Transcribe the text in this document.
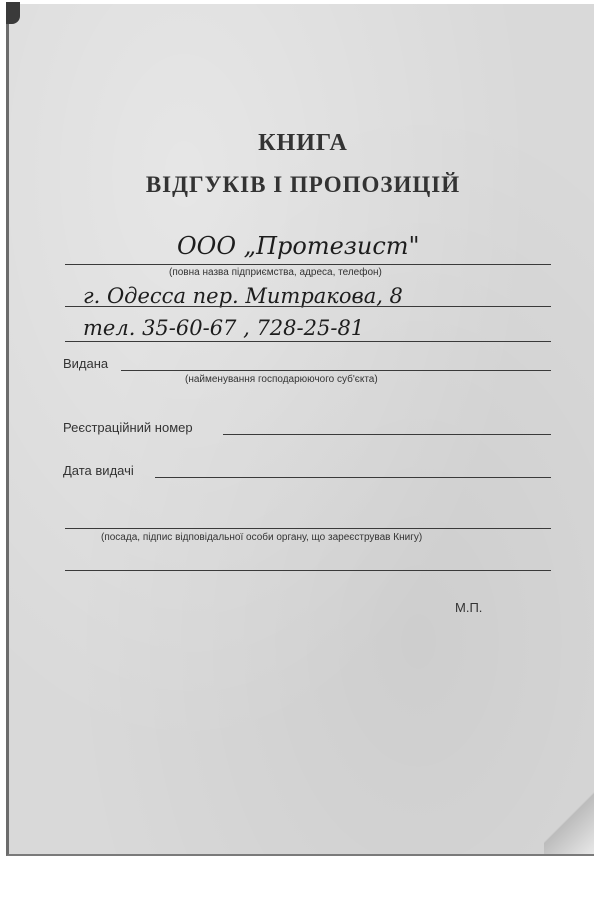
КНИГА
ВІДГУКІВ І ПРОПОЗИЦІЙ
ООО „Протезист"
(повна назва підприємства, адреса, телефон)
г. Одесса пер. Митракова, 8
тел. 35-60-67 , 728-25-81
Видана
(найменування господарюючого суб'єкта)
Реєстраційний номер
Дата видачі
(посада, підпис відповідальної особи органу, що зареєстрував Книгу)
М.П.
